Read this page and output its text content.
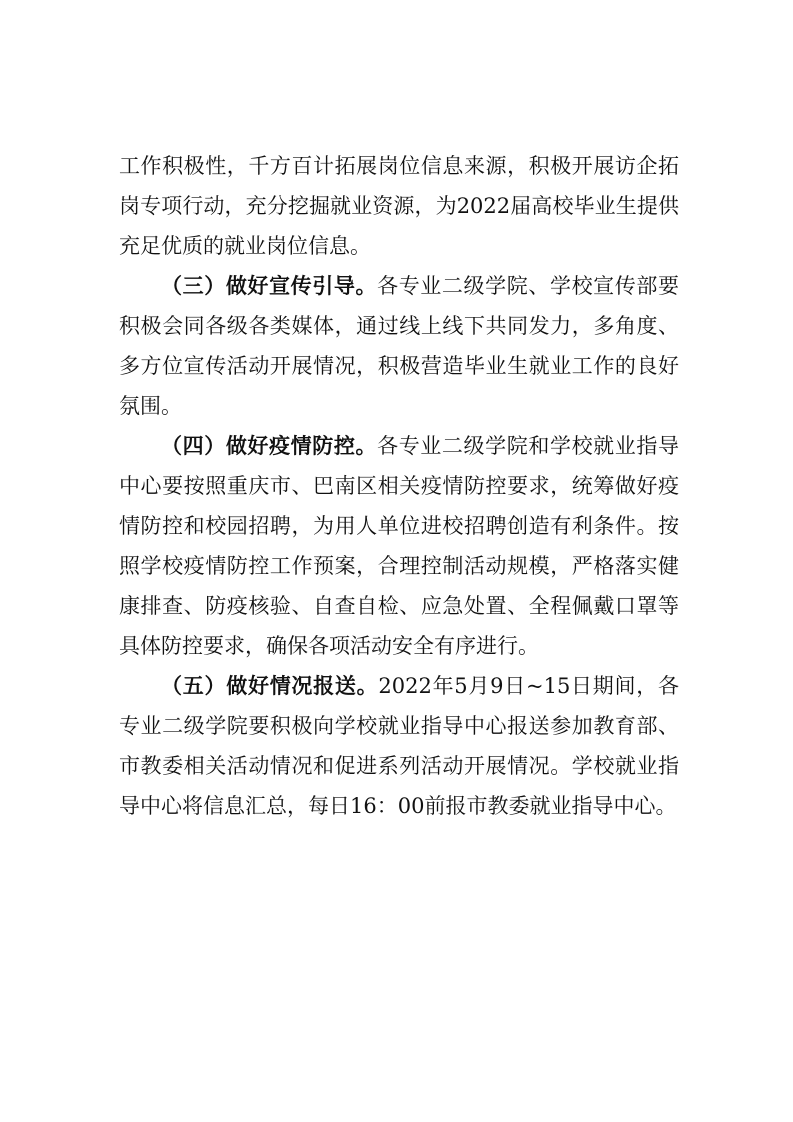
工作积极性，千方百计拓展岗位信息来源，积极开展访企拓岗专项行动，充分挖掘就业资源，为2022届高校毕业生提供充足优质的就业岗位信息。

（三）做好宣传引导。各专业二级学院、学校宣传部要积极会同各级各类媒体，通过线上线下共同发力，多角度、多方位宣传活动开展情况，积极营造毕业生就业工作的良好氛围。

（四）做好疫情防控。各专业二级学院和学校就业指导中心要按照重庆市、巴南区相关疫情防控要求，统筹做好疫情防控和校园招聘，为用人单位进校招聘创造有利条件。按照学校疫情防控工作预案，合理控制活动规模，严格落实健康排查、防疫核验、自查自检、应急处置、全程佩戴口罩等具体防控要求，确保各项活动安全有序进行。

（五）做好情况报送。2022年5月9日~15日期间，各专业二级学院要积极向学校就业指导中心报送参加教育部、市教委相关活动情况和促进系列活动开展情况。学校就业指导中心将信息汇总，每日16：00前报市教委就业指导中心。
